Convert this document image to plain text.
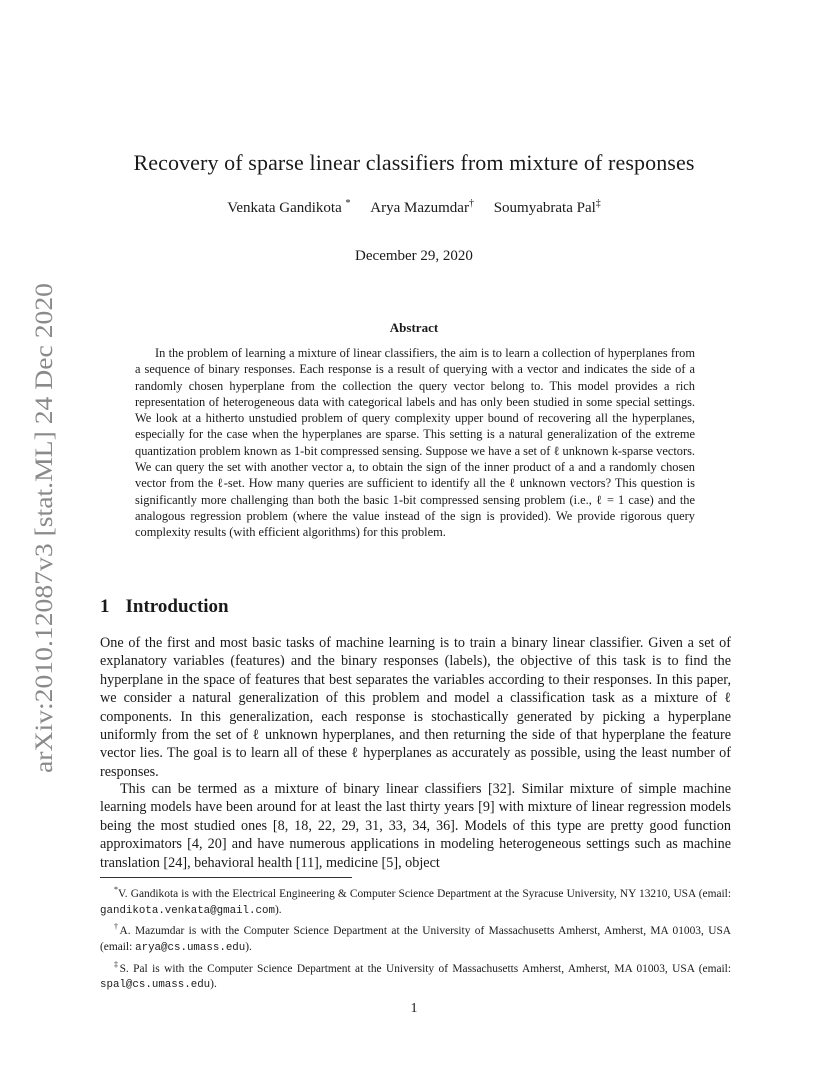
arXiv:2010.12087v3 [stat.ML] 24 Dec 2020
Recovery of sparse linear classifiers from mixture of responses
Venkata Gandikota * Arya Mazumdar† Soumyabrata Pal‡
December 29, 2020
Abstract
In the problem of learning a mixture of linear classifiers, the aim is to learn a collection of hyperplanes from a sequence of binary responses. Each response is a result of querying with a vector and indicates the side of a randomly chosen hyperplane from the collection the query vector belong to. This model provides a rich representation of heterogeneous data with categorical labels and has only been studied in some special settings. We look at a hitherto unstudied problem of query complexity upper bound of recovering all the hyperplanes, especially for the case when the hyperplanes are sparse. This setting is a natural generalization of the extreme quantization problem known as 1-bit compressed sensing. Suppose we have a set of ℓ unknown k-sparse vectors. We can query the set with another vector a, to obtain the sign of the inner product of a and a randomly chosen vector from the ℓ-set. How many queries are sufficient to identify all the ℓ unknown vectors? This question is significantly more challenging than both the basic 1-bit compressed sensing problem (i.e., ℓ = 1 case) and the analogous regression problem (where the value instead of the sign is provided). We provide rigorous query complexity results (with efficient algorithms) for this problem.
1 Introduction
One of the first and most basic tasks of machine learning is to train a binary linear classifier. Given a set of explanatory variables (features) and the binary responses (labels), the objective of this task is to find the hyperplane in the space of features that best separates the variables according to their responses. In this paper, we consider a natural generalization of this problem and model a classification task as a mixture of ℓ components. In this generalization, each response is stochastically generated by picking a hyperplane uniformly from the set of ℓ unknown hyperplanes, and then returning the side of that hyperplane the feature vector lies. The goal is to learn all of these ℓ hyperplanes as accurately as possible, using the least number of responses.
This can be termed as a mixture of binary linear classifiers [32]. Similar mixture of simple machine learning models have been around for at least the last thirty years [9] with mixture of linear regression models being the most studied ones [8, 18, 22, 29, 31, 33, 34, 36]. Models of this type are pretty good function approximators [4, 20] and have numerous applications in modeling heterogeneous settings such as machine translation [24], behavioral health [11], medicine [5], object

*V. Gandikota is with the Electrical Engineering & Computer Science Department at the Syracuse University, NY 13210, USA (email: gandikota.venkata@gmail.com).

†A. Mazumdar is with the Computer Science Department at the University of Massachusetts Amherst, Amherst, MA 01003, USA (email: arya@cs.umass.edu).

‡S. Pal is with the Computer Science Department at the University of Massachusetts Amherst, Amherst, MA 01003, USA (email: spal@cs.umass.edu).

1
